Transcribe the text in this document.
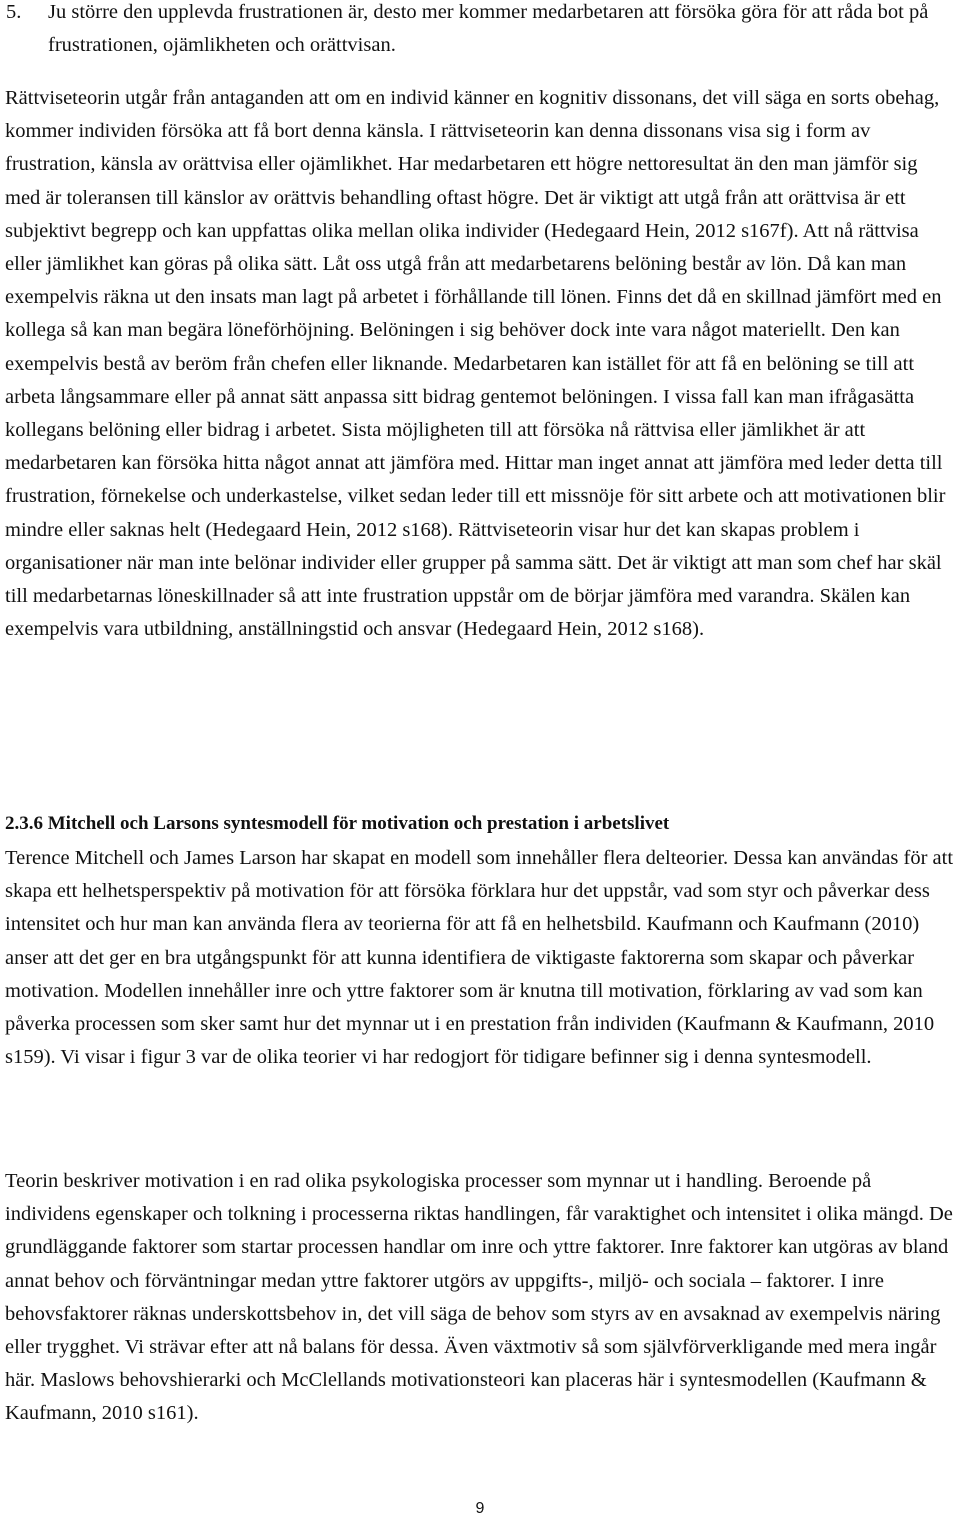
5. Ju större den upplevda frustrationen är, desto mer kommer medarbetaren att försöka göra för att råda bot på frustrationen, ojämlikheten och orättvisan.

Rättviseteorin utgår från antaganden att om en individ känner en kognitiv dissonans, det vill säga en sorts obehag, kommer individen försöka att få bort denna känsla. I rättviseteorin kan denna dissonans visa sig i form av frustration, känsla av orättvisa eller ojämlikhet. Har medarbetaren ett högre nettoresultat än den man jämför sig med är toleransen till känslor av orättvis behandling oftast högre. Det är viktigt att utgå från att orättvisa är ett subjektivt begrepp och kan uppfattas olika mellan olika individer (Hedegaard Hein, 2012 s167f). Att nå rättvisa eller jämlikhet kan göras på olika sätt. Låt oss utgå från att medarbetarens belöning består av lön. Då kan man exempelvis räkna ut den insats man lagt på arbetet i förhållande till lönen. Finns det då en skillnad jämfört med en kollega så kan man begära löneförhöjning. Belöningen i sig behöver dock inte vara något materiellt. Den kan exempelvis bestå av beröm från chefen eller liknande. Medarbetaren kan istället för att få en belöning se till att arbeta långsammare eller på annat sätt anpassa sitt bidrag gentemot belöningen. I vissa fall kan man ifrågasätta kollegans belöning eller bidrag i arbetet. Sista möjligheten till att försöka nå rättvisa eller jämlikhet är att medarbetaren kan försöka hitta något annat att jämföra med. Hittar man inget annat att jämföra med leder detta till frustration, förnekelse och underkastelse, vilket sedan leder till ett missnöje för sitt arbete och att motivationen blir mindre eller saknas helt (Hedegaard Hein, 2012 s168). Rättviseteorin visar hur det kan skapas problem i organisationer när man inte belönar individer eller grupper på samma sätt. Det är viktigt att man som chef har skäl till medarbetarnas löneskillnader så att inte frustration uppstår om de börjar jämföra med varandra. Skälen kan exempelvis vara utbildning, anställningstid och ansvar (Hedegaard Hein, 2012 s168).

2.3.6 Mitchell och Larsons syntesmodell för motivation och prestation i arbetslivet

Terence Mitchell och James Larson har skapat en modell som innehåller flera delteorier. Dessa kan användas för att skapa ett helhetsperspektiv på motivation för att försöka förklara hur det uppstår, vad som styr och påverkar dess intensitet och hur man kan använda flera av teorierna för att få en helhetsbild. Kaufmann och Kaufmann (2010) anser att det ger en bra utgångspunkt för att kunna identifiera de viktigaste faktorerna som skapar och påverkar motivation. Modellen innehåller inre och yttre faktorer som är knutna till motivation, förklaring av vad som kan påverka processen som sker samt hur det mynnar ut i en prestation från individen (Kaufmann & Kaufmann, 2010 s159). Vi visar i figur 3 var de olika teorier vi har redogjort för tidigare befinner sig i denna syntesmodell.

Teorin beskriver motivation i en rad olika psykologiska processer som mynnar ut i handling. Beroende på individens egenskaper och tolkning i processerna riktas handlingen, får varaktighet och intensitet i olika mängd. De grundläggande faktorer som startar processen handlar om inre och yttre faktorer. Inre faktorer kan utgöras av bland annat behov och förväntningar medan yttre faktorer utgörs av uppgifts-, miljö- och sociala – faktorer. I inre behovsfaktorer räknas underskottsbehov in, det vill säga de behov som styrs av en avsaknad av exempelvis näring eller trygghet. Vi strävar efter att nå balans för dessa. Även växtmotiv så som självförverkligande med mera ingår här. Maslows behovshierarki och McClellands motivationsteori kan placeras här i syntesmodellen (Kaufmann & Kaufmann, 2010 s161).

9
